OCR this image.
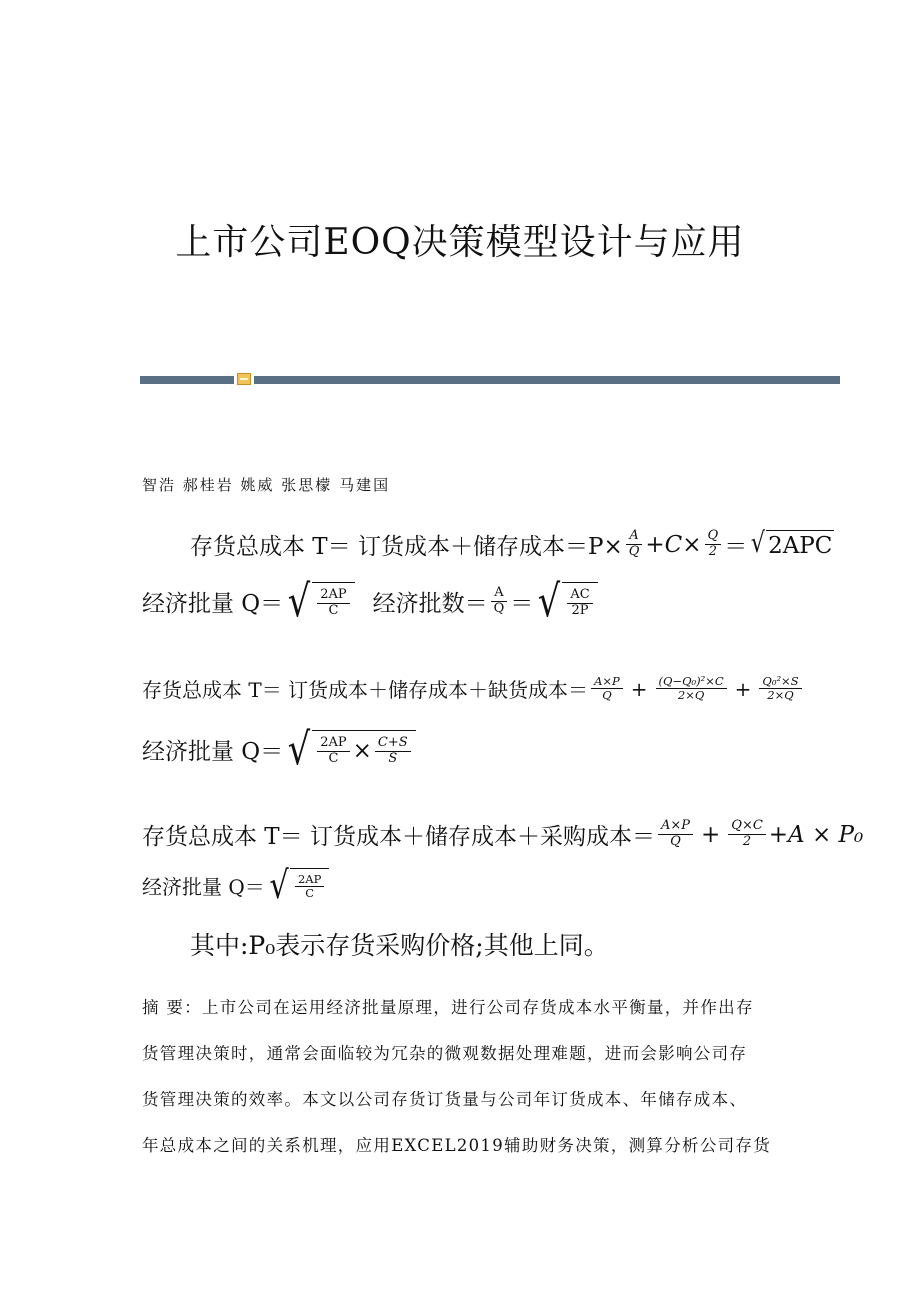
上市公司EOQ决策模型设计与应用
智浩 郝桂岩 姚威 张思檬 马建国
存货总成本 T＝ 订货成本＋储存成本$=P\times \frac{A}{Q} +C\times \frac{Q}{2}$ ＝ √ 2APC
经济批量 Q＝ √ $\frac{2AP}{C}$ 经济批数＝ $\frac{A}{Q}$ ＝ √ $\frac{AC}{2P}$
存货总成本 T＝ 订货成本＋储存成本＋缺货成本＝ $\frac{A\times P}{Q} + \frac{\text{(Q−Q₀)²×C}}{2\times Q} + \frac{\text{Q₀²×S}}{2\times Q}$
经济批量 Q＝ √ $\frac{2AP}{C} \times \frac{C+S}{S}$
存货总成本 T＝ 订货成本＋储存成本＋采购成本＝ $\frac{A\times P}{Q} + \frac{Q\times C}{2} +A \times P_0$
经济批量 Q＝ √ $\frac{2AP}{C}$
其中:P₀表示存货采购价格;其他上同。
摘 要：上市公司在运用经济批量原理，进行公司存货成本水平衡量，并作出存
货管理决策时，通常会面临较为冗杂的微观数据处理难题，进而会影响公司存
货管理决策的效率。本文以公司存货订货量与公司年订货成本、年储存成本、
年总成本之间的关系机理，应用EXCEL2019辅助财务决策，测算分析公司存货
